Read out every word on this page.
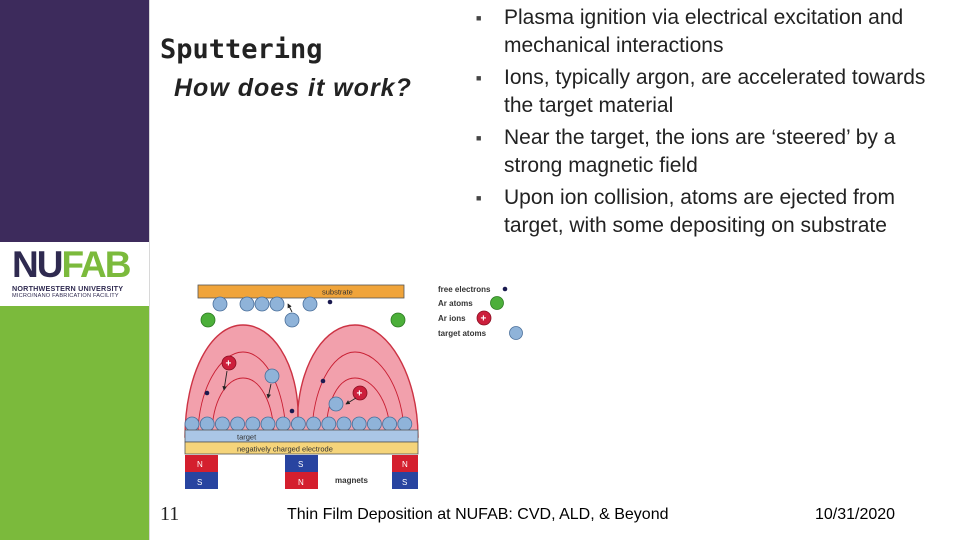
NUFAB
NORTHWESTERN UNIVERSITY
MICRO/NANO FABRICATION FACILITY
Sputtering
How does it work?
■ Plasma ignition via electrical excitation and mechanical interactions
■ Ions, typically argon, are accelerated towards the target material
■ Near the target, the ions are ‘steered’ by a strong magnetic field
■ Upon ion collision, atoms are ejected from target, with some depositing on substrate
substrate
target
negatively charged electrode
N
S
S
N
N
S
magnets
+
+
free electrons
Ar atoms
Ar ions +
target atoms
11	Thin Film Deposition at NUFAB: CVD, ALD, & Beyond	10/31/2020
